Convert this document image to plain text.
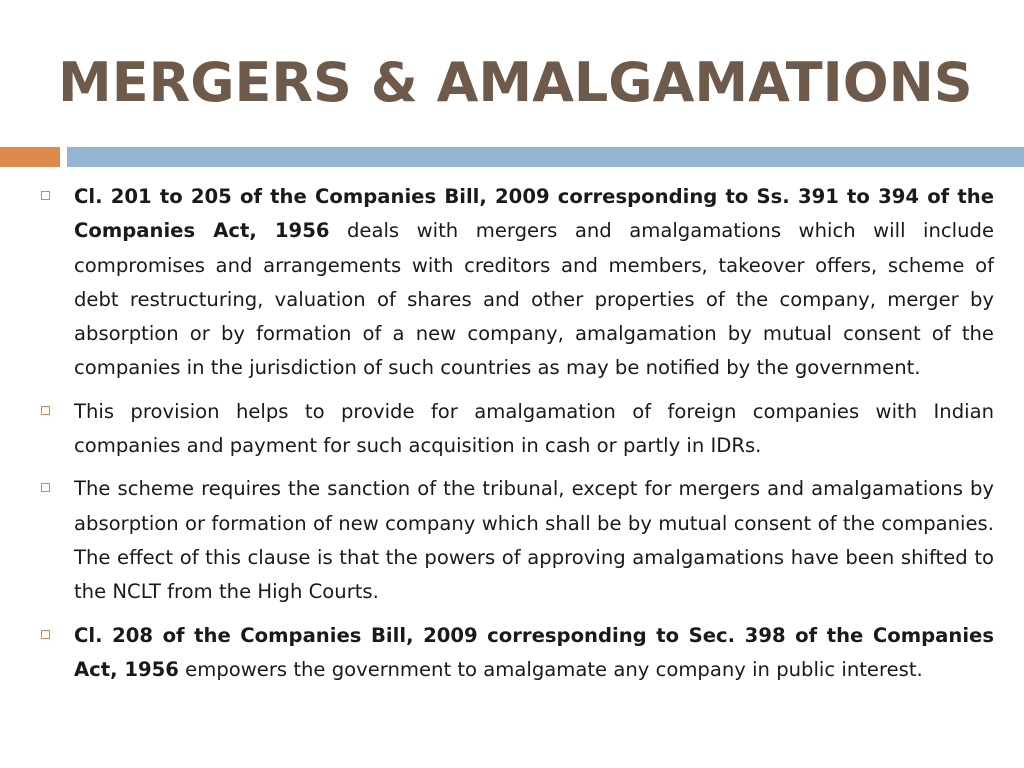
MERGERS & AMALGAMATIONS
Cl. 201 to 205 of the Companies Bill, 2009 corresponding to Ss. 391 to 394 of the Companies Act, 1956 deals with mergers and amalgamations which will include compromises and arrangements with creditors and members, takeover offers, scheme of debt restructuring, valuation of shares and other properties of the company, merger by absorption or by formation of a new company, amalgamation by mutual consent of the companies in the jurisdiction of such countries as may be notified by the government.
This provision helps to provide for amalgamation of foreign companies with Indian companies and payment for such acquisition in cash or partly in IDRs.
The scheme requires the sanction of the tribunal, except for mergers and amalgamations by absorption or formation of new company which shall be by mutual consent of the companies. The effect of this clause is that the powers of approving amalgamations have been shifted to the NCLT from the High Courts.
Cl. 208 of the Companies Bill, 2009 corresponding to Sec. 398 of the Companies Act, 1956 empowers the government to amalgamate any company in public interest.
